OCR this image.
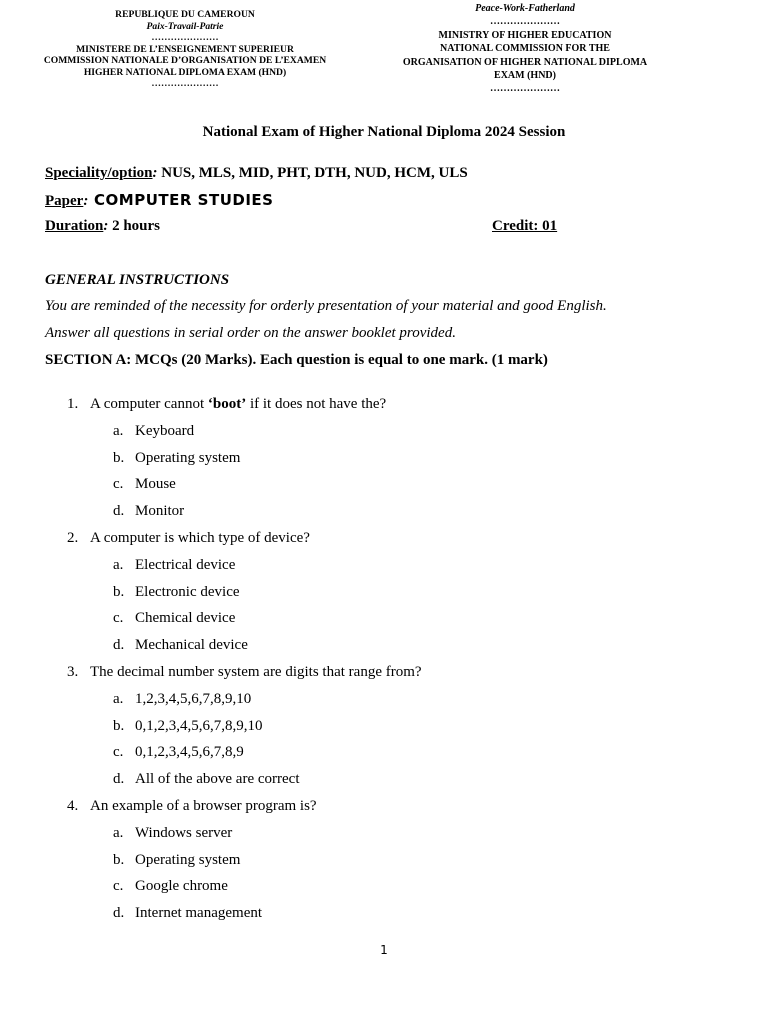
REPUBLIQUE DU CAMEROUN
Paix-Travail-Patrie
…………………
MINISTERE DE L’ENSEIGNEMENT SUPERIEUR
COMMISSION NATIONALE D’ORGANISATION DE L’EXAMEN
HIGHER NATIONAL DIPLOMA EXAM (HND)
…………………
Peace-Work-Fatherland
…………………
MINISTRY OF HIGHER EDUCATION
NATIONAL COMMISSION FOR THE
ORGANISATION OF HIGHER NATIONAL DIPLOMA
EXAM (HND)
…………………
National Exam of Higher National Diploma 2024 Session
Speciality/option: NUS, MLS, MID, PHT, DTH, NUD, HCM, ULS
Paper: COMPUTER STUDIES
Duration: 2 hours	Credit: 01
GENERAL INSTRUCTIONS
You are reminded of the necessity for orderly presentation of your material and good English.
Answer all questions in serial order on the answer booklet provided.
SECTION A: MCQs (20 Marks). Each question is equal to one mark. (1 mark)
1. A computer cannot ‘boot’ if it does not have the?
a. Keyboard
b. Operating system
c. Mouse
d. Monitor
2. A computer is which type of device?
a. Electrical device
b. Electronic device
c. Chemical device
d. Mechanical device
3. The decimal number system are digits that range from?
a. 1,2,3,4,5,6,7,8,9,10
b. 0,1,2,3,4,5,6,7,8,9,10
c. 0,1,2,3,4,5,6,7,8,9
d. All of the above are correct
4. An example of a browser program is?
a. Windows server
b. Operating system
c. Google chrome
d. Internet management
1
